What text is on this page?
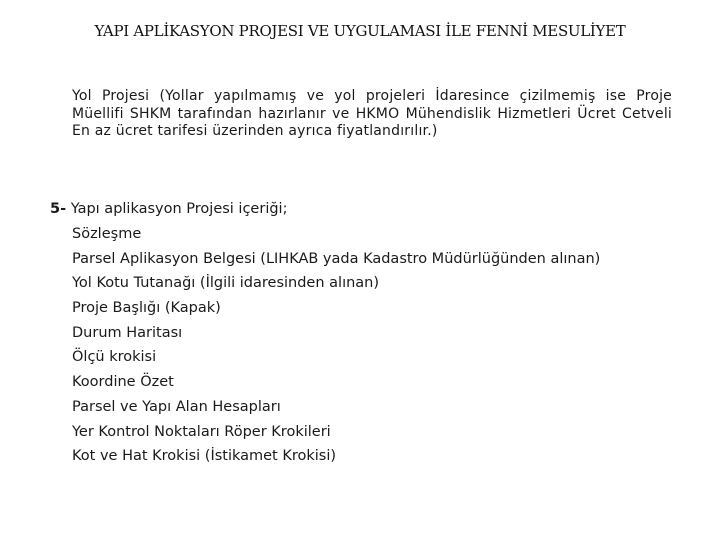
YAPI APLİKASYON PROJESI VE UYGULAMASI İLE FENNİ MESULİYET
Yol Projesi (Yollar yapılmamış ve yol projeleri İdaresince çizilmemiş ise Proje Müellifi SHKM tarafından hazırlanır ve HKMO Mühendislik Hizmetleri Ücret Cetveli En az ücret tarifesi üzerinden ayrıca fiyatlandırılır.)
5- Yapı aplikasyon Projesi içeriği;
Sözleşme
Parsel Aplikasyon Belgesi (LIHKAB yada Kadastro Müdürlüğünden alınan)
Yol Kotu Tutanağı (İlgili idaresinden alınan)
Proje Başlığı (Kapak)
Durum Haritası
Ölçü krokisi
Koordine Özet
Parsel ve Yapı Alan Hesapları
Yer Kontrol Noktaları Röper Krokileri
Kot ve Hat Krokisi (İstikamet Krokisi)
